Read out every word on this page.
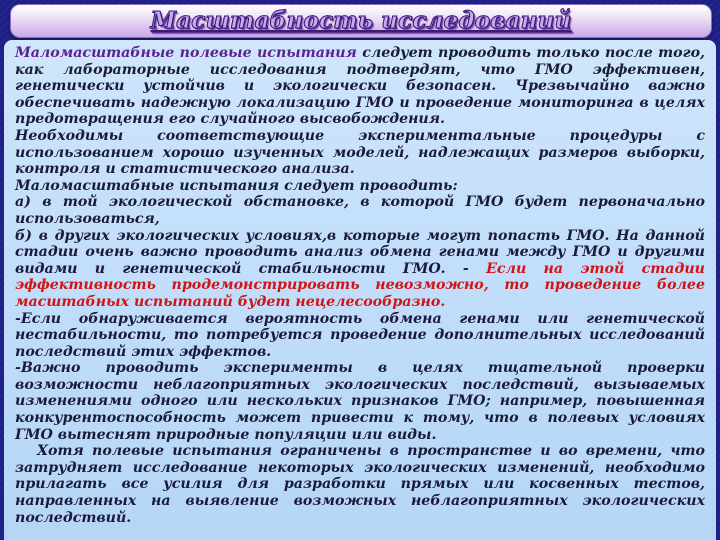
Масштабность исследований

Маломасштабные полевые испытания следует проводить только после того, как лабораторные исследования подтвердят, что ГМО эффективен, генетически устойчив и экологически безопасен. Чрезвычайно важно обеспечивать надежную локализацию ГМО и проведение мониторинга в целях предотвращения его случайного высвобождения.

Необходимы соответствующие экспериментальные процедуры с использованием хорошо изученных моделей, надлежащих размеров выборки, контроля и статистического анализа.

Маломасштабные испытания следует проводить:

а) в той экологической обстановке, в которой ГМО будет первоначально использоваться,

б) в других экологических условиях,в которые могут попасть ГМО. На данной стадии очень важно проводить анализ обмена генами между ГМО и другими видами и генетической стабильности ГМО. - Если на этой стадии эффективность продемонстрировать невозможно, то проведение более масштабных испытаний будет нецелесообразно.

-Если обнаруживается вероятность обмена генами или генетической нестабильности, то потребуется проведение дополнительных исследований последствий этих эффектов.

-Важно проводить эксперименты в целях тщательной проверки возможности неблагоприятных экологических последствий, вызываемых изменениями одного или нескольких признаков ГМО; например, повышенная конкурентоспособность может привести к тому, что в полевых условиях ГМО вытеснят природные популяции или виды.

Хотя полевые испытания ограничены в пространстве и во времени, что затрудняет исследование некоторых экологических изменений, необходимо прилагать все усилия для разработки прямых или косвенных тестов, направленных на выявление возможных неблагоприятных экологических последствий.
